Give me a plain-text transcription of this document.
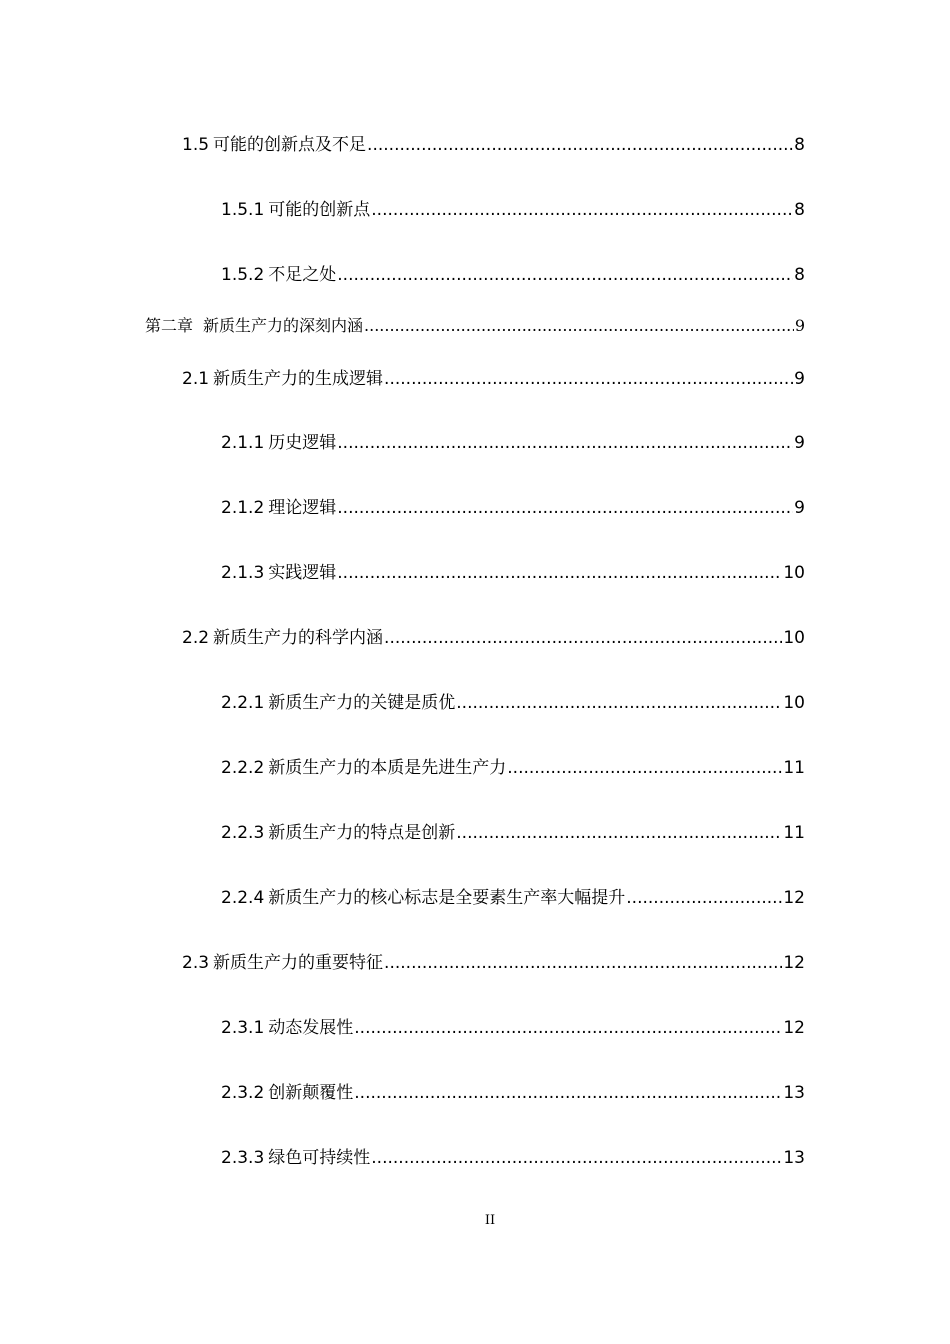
1.5 可能的创新点及不足 .....	8
1.5.1 可能的创新点 .....	8
1.5.2 不足之处 .....	8
第二章 新质生产力的深刻内涵 .....	9
2.1 新质生产力的生成逻辑 .....	9
2.1.1 历史逻辑 .....	9
2.1.2 理论逻辑 .....	9
2.1.3 实践逻辑 .....	10
2.2 新质生产力的科学内涵 .....	10
2.2.1 新质生产力的关键是质优 .....	10
2.2.2 新质生产力的本质是先进生产力 .....	11
2.2.3 新质生产力的特点是创新 .....	11
2.2.4 新质生产力的核心标志是全要素生产率大幅提升 .....	12
2.3 新质生产力的重要特征 .....	12
2.3.1 动态发展性 .....	12
2.3.2 创新颠覆性 .....	13
2.3.3 绿色可持续性 .....	13
II
